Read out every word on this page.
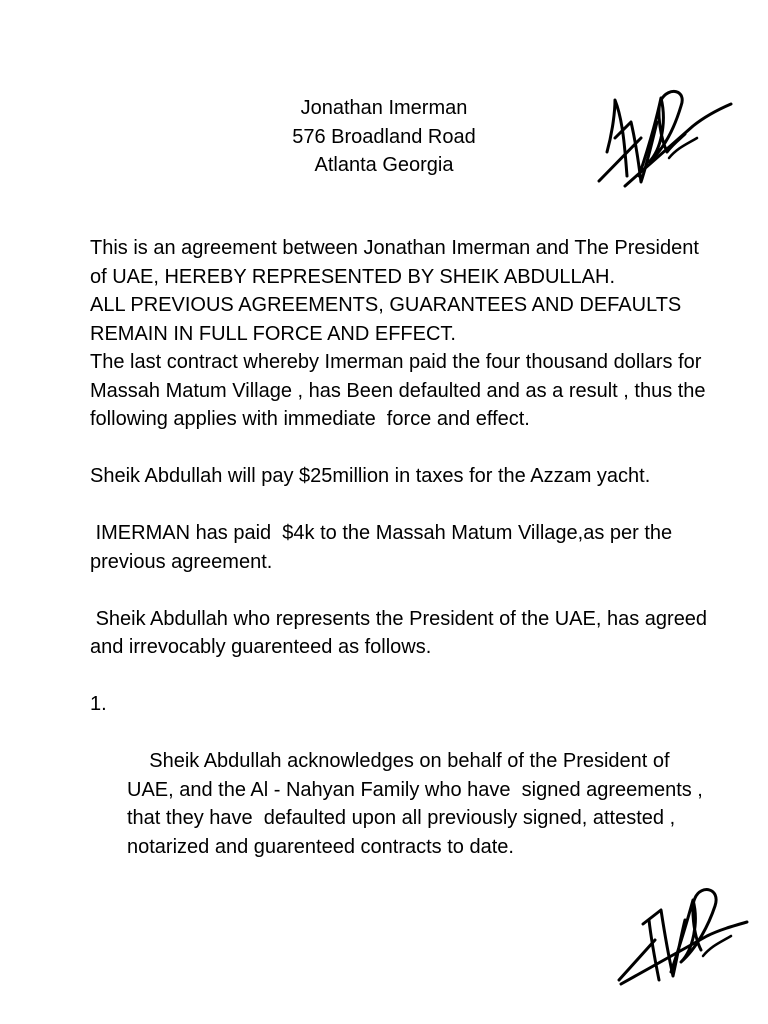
Jonathan Imerman
576 Broadland Road
Atlanta Georgia

This is an agreement between Jonathan Imerman and The President of UAE, HEREBY REPRESENTED BY SHEIK ABDULLAH.

ALL PREVIOUS AGREEMENTS, GUARANTEES AND DEFAULTS REMAIN IN FULL FORCE AND EFFECT.

The last contract whereby Imerman paid the four thousand dollars for Massah Matum Village , has Been defaulted and as a result , thus the  following applies with immediate  force and effect.

Sheik Abdullah will pay $25million in taxes for the Azzam yacht.

IMERMAN has paid  $4k to the Massah Matum Village,as per the previous agreement.

Sheik Abdullah who represents the President of the UAE, has agreed and irrevocably guarenteed as follows.

1.

Sheik Abdullah acknowledges on behalf of the President of UAE, and the Al - Nahyan Family who have  signed agreements , that they have  defaulted upon all previously signed, attested , notarized and guarenteed contracts to date.
